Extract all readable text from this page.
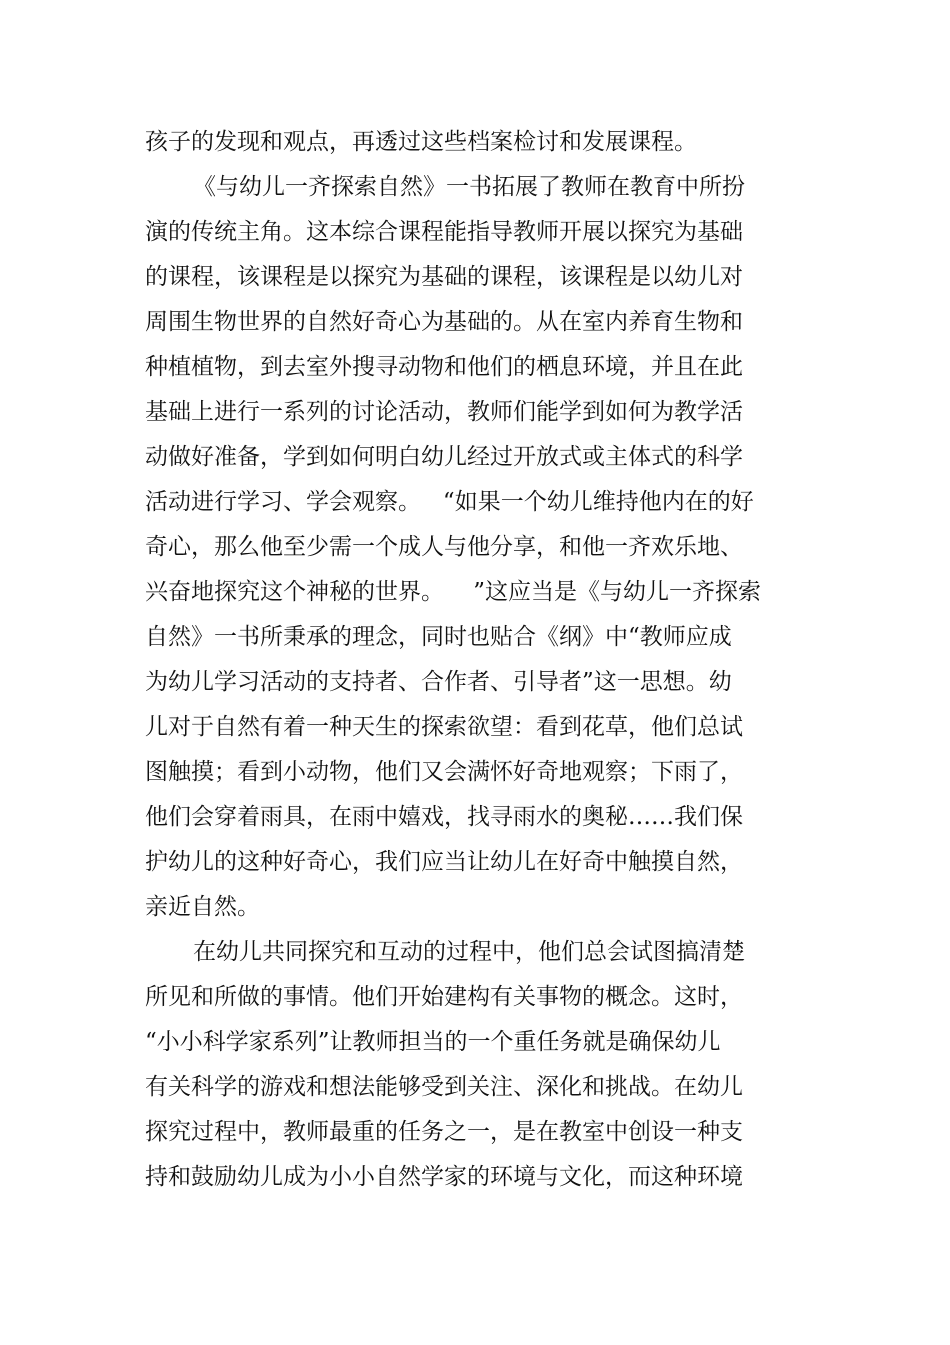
孩子的发现和观点，再透过这些档案检讨和发展课程。
《与幼儿一齐探索自然》一书拓展了教师在教育中所扮
演的传统主角。这本综合课程能指导教师开展以探究为基础
的课程，该课程是以探究为基础的课程，该课程是以幼儿对
周围生物世界的自然好奇心为基础的。从在室内养育生物和
种植植物，到去室外搜寻动物和他们的栖息环境，并且在此
基础上进行一系列的讨论活动，教师们能学到如何为教学活
动做好准备，学到如何明白幼儿经过开放式或主体式的科学
活动进行学习、学会观察。   “如果一个幼儿维持他内在的好
奇心，那么他至少需一个成人与他分享，和他一齐欢乐地、
兴奋地探究这个神秘的世界。    ”这应当是《与幼儿一齐探索
自然》一书所秉承的理念，同时也贴合《纲》中“教师应成
为幼儿学习活动的支持者、合作者、引导者”这一思想。幼
儿对于自然有着一种天生的探索欲望：看到花草，他们总试
图触摸；看到小动物，他们又会满怀好奇地观察；下雨了，
他们会穿着雨具，在雨中嬉戏，找寻雨水的奥秘……我们保
护幼儿的这种好奇心，我们应当让幼儿在好奇中触摸自然，
亲近自然。
在幼儿共同探究和互动的过程中，他们总会试图搞清楚
所见和所做的事情。他们开始建构有关事物的概念。这时，
“小小科学家系列”让教师担当的一个重任务就是确保幼儿
有关科学的游戏和想法能够受到关注、深化和挑战。在幼儿
探究过程中，教师最重的任务之一，是在教室中创设一种支
持和鼓励幼儿成为小小自然学家的环境与文化，而这种环境
